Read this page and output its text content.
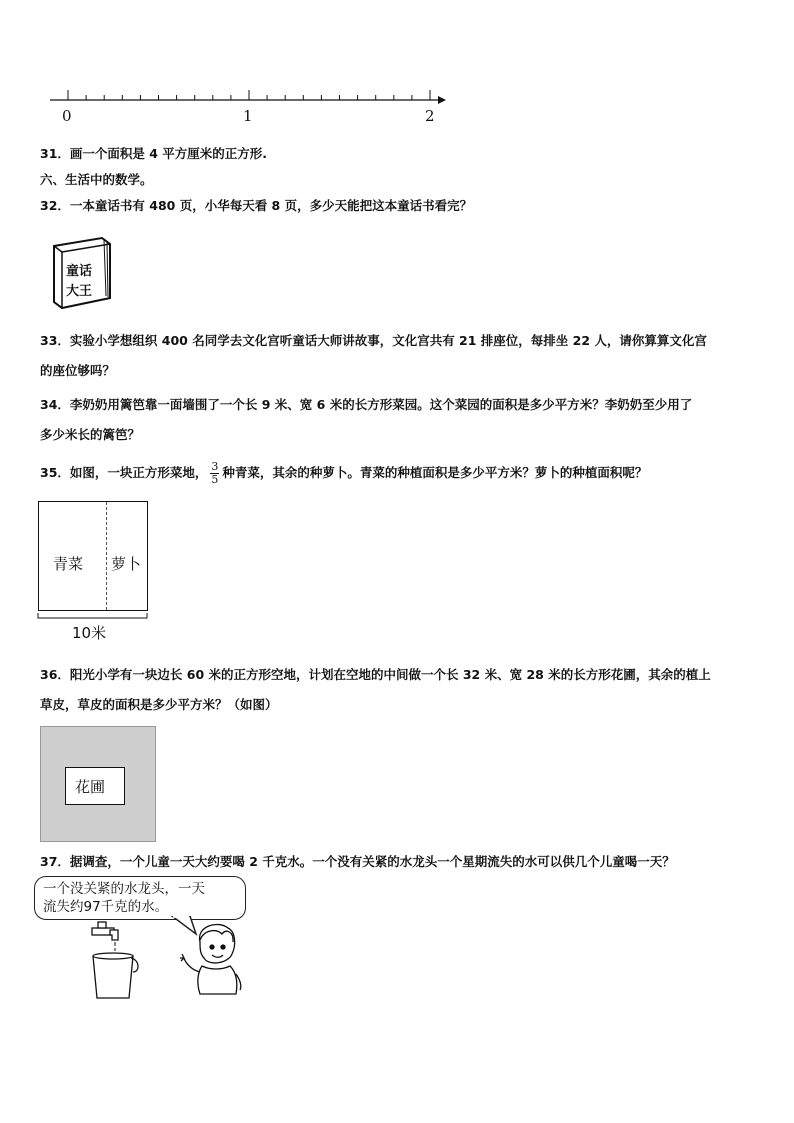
0	1	2
31．画一个面积是 4 平方厘米的正方形.
六、生活中的数学。
32．一本童话书有 480 页，小华每天看 8 页，多少天能把这本童话书看完？
童话
大王
33．实验小学想组织 400 名同学去文化宫听童话大师讲故事，文化宫共有 21 排座位，每排坐 22 人，请你算算文化宫
的座位够吗？
34．李奶奶用篱笆靠一面墙围了一个长 9 米、宽 6 米的长方形菜园。这个菜园的面积是多少平方米？李奶奶至少用了
多少米长的篱笆？
35．如图，一块正方形菜地， $\frac{3}{5}$ 种青菜，其余的种萝卜。青菜的种植面积是多少平方米？萝卜的种植面积呢？
青菜 萝卜
10米
36．阳光小学有一块边长 60 米的正方形空地，计划在空地的中间做一个长 32 米、宽 28 米的长方形花圃，其余的植上
草皮，草皮的面积是多少平方米？（如图）
花圃
37．据调查，一个儿童一天大约要喝 2 千克水。一个没有关紧的水龙头一个星期流失的水可以供几个儿童喝一天？
一个没关紧的水龙头，一天
流失约97千克的水。
